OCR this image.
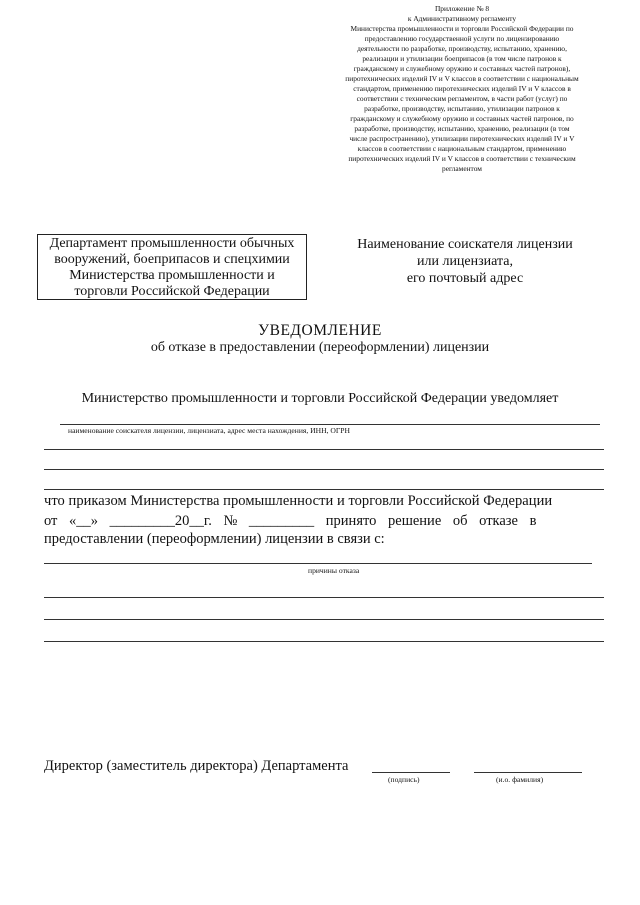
Приложение № 8
к Административному регламенту
Министерства промышленности и торговли Российской Федерации по
предоставлению государственной услуги по лицензированию
деятельности по разработке, производству, испытанию, хранению,
реализации и утилизации боеприпасов (в том числе патронов к
гражданскому и служебному оружию и составных частей патронов),
пиротехнических изделий IV и V классов в соответствии с национальным
стандартом, применению пиротехнических изделий IV и V классов в
соответствии с техническим регламентом, в части работ (услуг) по
разработке, производству, испытанию, утилизации патронов к
гражданскому и служебному оружию и составных частей патронов, по
разработке, производству, испытанию, хранению, реализации (в том
числе распространению), утилизации пиротехнических изделий IV и V
классов в соответствии с национальным стандартом, применению
пиротехнических изделий IV и V классов в соответствии с техническим
регламентом
Департамент промышленности обычных
вооружений, боеприпасов и спецхимии
Министерства промышленности и
торговли Российской Федерации
Наименование соискателя лицензии
или лицензиата,
его почтовый адрес
УВЕДОМЛЕНИЕ
об отказе в предоставлении (переоформлении) лицензии
Министерство промышленности и торговли Российской Федерации уведомляет
наименование соискателя лицензии, лицензиата, адрес места нахождения, ИНН, ОГРН
что приказом Министерства промышленности и торговли Российской Федерации
от «__» _________20__г. № _________ принято решение об отказе в
предоставлении (переоформлении) лицензии в связи с:
причины отказа
Директор (заместитель директора) Департамента
(подпись)	(и.о. фамилия)
